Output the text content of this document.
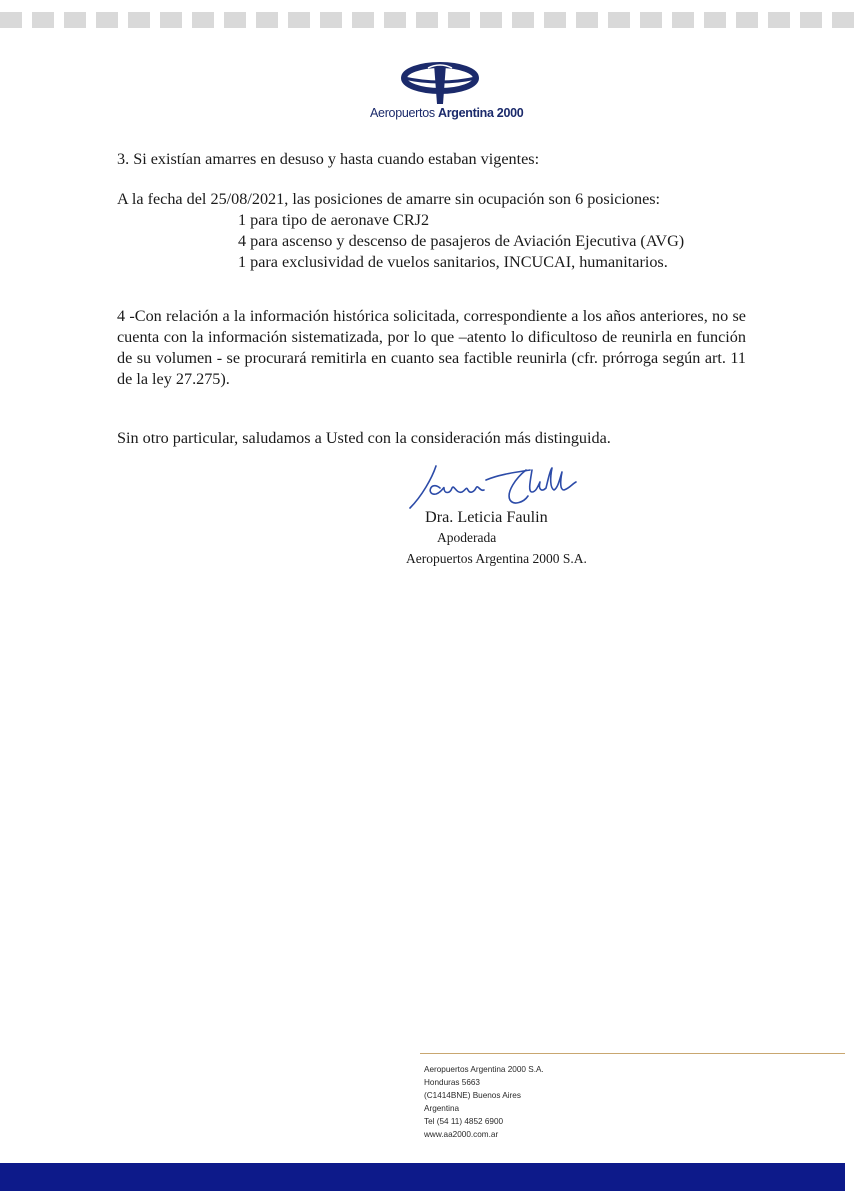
Aeropuertos Argentina 2000
3. Si existían amarres en desuso y hasta cuando estaban vigentes:
A la fecha del 25/08/2021, las posiciones de amarre sin ocupación son 6 posiciones:
1 para tipo de aeronave CRJ2
4 para ascenso y descenso de pasajeros de Aviación Ejecutiva (AVG)
1 para exclusividad de vuelos sanitarios, INCUCAI, humanitarios.
4 -Con relación a la información histórica solicitada, correspondiente a los años anteriores, no se cuenta con la información sistematizada, por lo que –atento lo dificultoso de reunirla en función de su volumen - se procurará remitirla en cuanto sea factible reunirla (cfr. prórroga según art. 11 de la ley 27.275).
Sin otro particular, saludamos a Usted con la consideración más distinguida.
Dra. Leticia Faulin
Apoderada
Aeropuertos Argentina 2000 S.A.
Aeropuertos Argentina 2000 S.A.
Honduras 5663
(C1414BNE) Buenos Aires
Argentina
Tel (54 11) 4852 6900
www.aa2000.com.ar
